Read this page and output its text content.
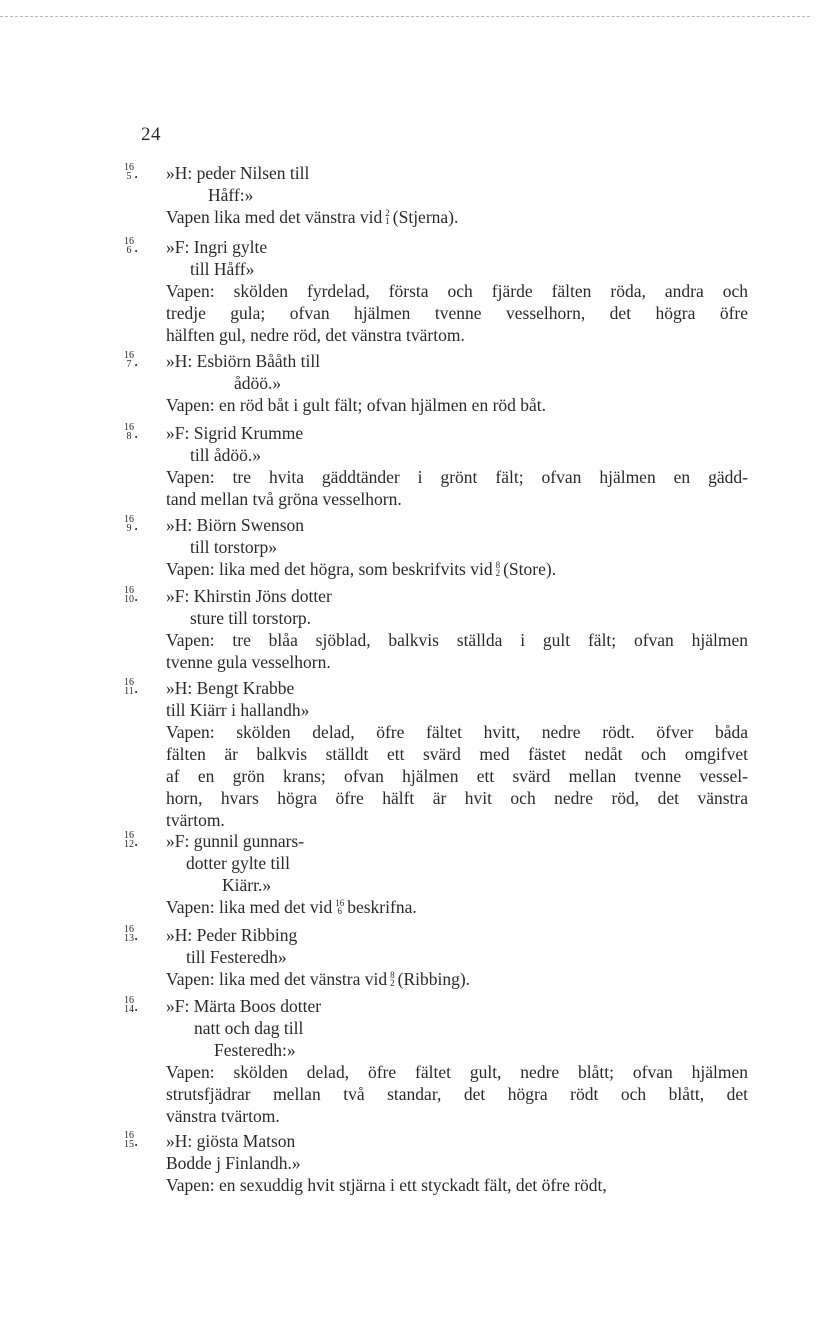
24
16
5 .	»H: peder Nilsen till
Håff:»
Vapen lika med det vänstra vid 2
1 (Stjerna).
16
6 .	»F: Ingri gylte
till Håff»
Vapen: skölden fyrdelad, första och fjärde fälten röda, andra och
tredje gula; ofvan hjälmen tvenne vesselhorn, det högra öfre
hälften gul, nedre röd, det vänstra tvärtom.
16
7 .	»H: Esbiörn Bååth till
ådöö.»
Vapen: en röd båt i gult fält; ofvan hjälmen en röd båt.
16
8 .	»F: Sigrid Krumme
till ådöö.»
Vapen: tre hvita gäddtänder i grönt fält; ofvan hjälmen en gädd-
tand mellan två gröna vesselhorn.
16
9 .	»H: Biörn Swenson
till torstorp»
Vapen: lika med det högra, som beskrifvits vid 8
2 (Store).
16
10 .	»F: Khirstin Jöns dotter
sture till torstorp.
Vapen: tre blåa sjöblad, balkvis ställda i gult fält; ofvan hjälmen
tvenne gula vesselhorn.
16
11 .	»H: Bengt Krabbe
till Kiärr i hallandh»
Vapen: skölden delad, öfre fältet hvitt, nedre rödt. öfver båda
fälten är balkvis ställdt ett svärd med fästet nedåt och omgifvet
af en grön krans; ofvan hjälmen ett svärd mellan tvenne vessel-
horn, hvars högra öfre hälft är hvit och nedre röd, det vänstra
tvärtom.
16
12 .	»F: gunnil gunnars-
dotter gylte till
Kiärr.»
Vapen: lika med det vid 16
6 beskrifna.
16
13 .	»H: Peder Ribbing
till Festeredh»
Vapen: lika med det vänstra vid 8
2 (Ribbing).
16
14 .	»F: Märta Boos dotter
natt och dag till
Festeredh:»
Vapen: skölden delad, öfre fältet gult, nedre blått; ofvan hjälmen
strutsfjädrar mellan två standar, det högra rödt och blått, det
vänstra tvärtom.
16
15 .	»H: giösta Matson
Bodde j Finlandh.»
Vapen: en sexuddig hvit stjärna i ett styckadt fält, det öfre rödt,
